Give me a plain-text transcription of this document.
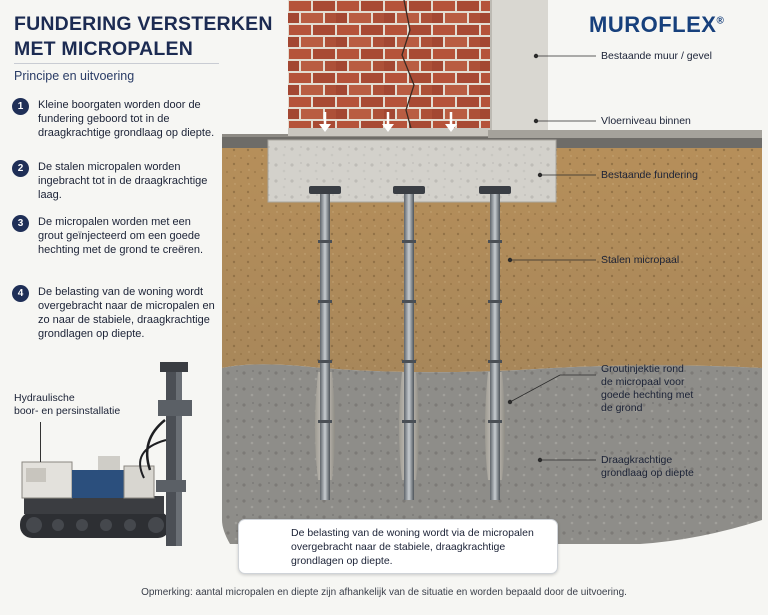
FUNDERING VERSTERKEN
MET MICROPALEN
Principe en uitvoering
1	Kleine boorgaten worden door de fundering geboord tot in de draagkrachtige grondlaag op diepte.
2	De stalen micropalen worden ingebracht tot in de draagkrachtige laag.
3	De micropalen worden met een grout geïnjecteerd om een goede hechting met de grond te creëren.
4	De belasting van de woning wordt overgebracht naar de micropalen en zo naar de stabiele, draagkrachtige grondlagen op diepte.
Hydraulische
boor- en persinstallatie
MUROFLEX®
Bestaande muur / gevel
Vloerniveau binnen
Bestaande fundering
Stalen micropaal
Groutinjektie rond
de micropaal voor
goede hechting met
de grond
Draagkrachtige
grondlaag op diepte
De belasting van de woning wordt via de micropalen overgebracht naar de stabiele, draagkrachtige grondlagen op diepte.
Opmerking: aantal micropalen en diepte zijn afhankelijk van de situatie en worden bepaald door de uitvoering.
